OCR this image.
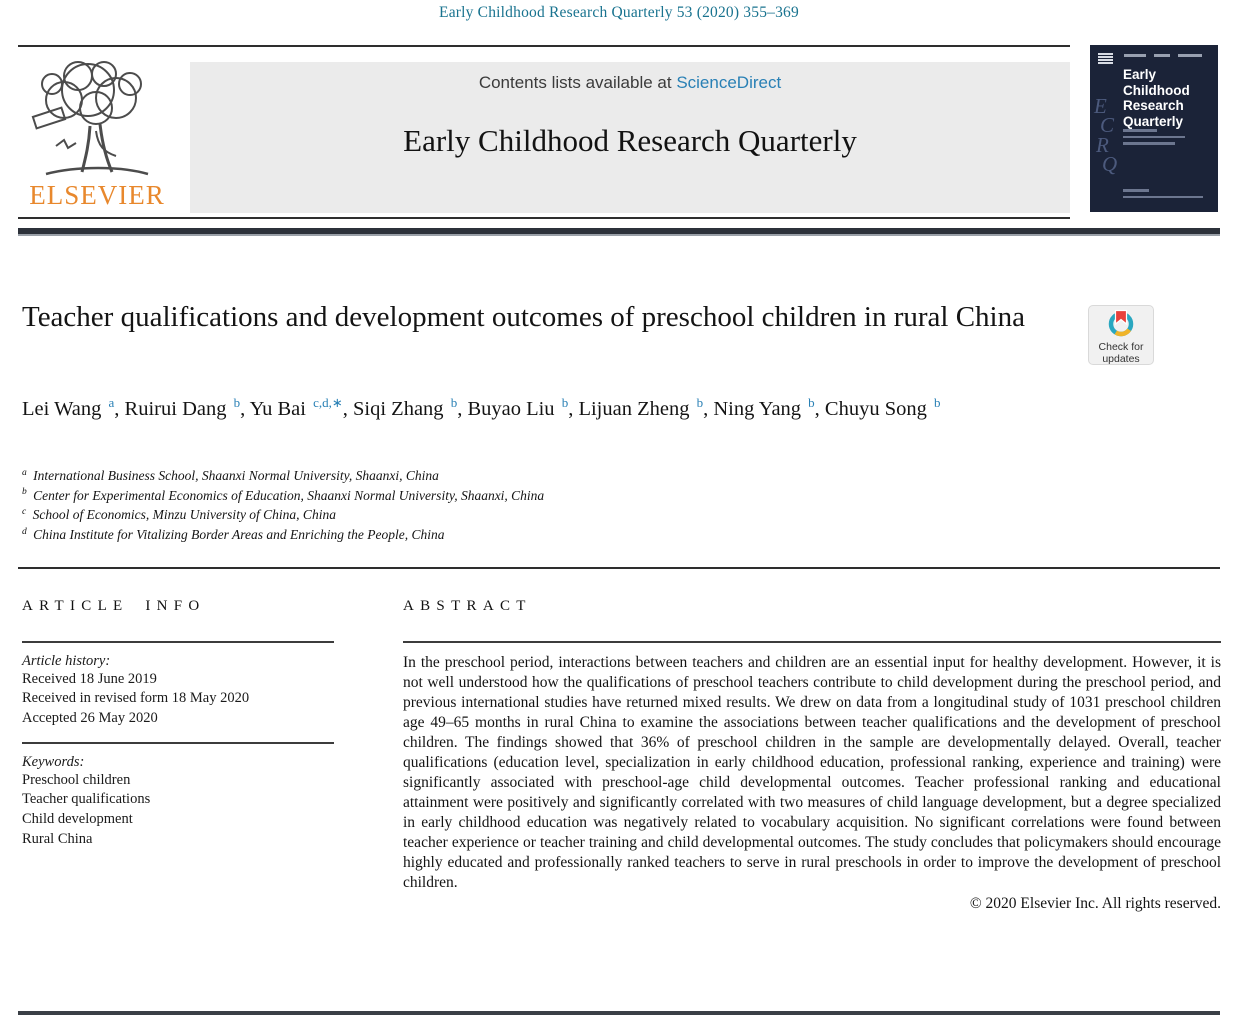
Early Childhood Research Quarterly 53 (2020) 355–369
ELSEVIER
Contents lists available at ScienceDirect
Early Childhood Research Quarterly
Early
Childhood
Research
Quarterly
E
C
R
Q
Teacher qualifications and development outcomes of preschool children in rural China
Check for
updates
Lei Wang $^a$, Ruirui Dang $^b$, Yu Bai $^{c,d,∗}$, Siqi Zhang $^b$, Buyao Liu $^b$, Lijuan Zheng $^b$, Ning Yang $^b$, Chuyu Song $^b$
$^a$ International Business School, Shaanxi Normal University, Shaanxi, China
$^b$ Center for Experimental Economics of Education, Shaanxi Normal University, Shaanxi, China
$^c$ School of Economics, Minzu University of China, China
$^d$ China Institute for Vitalizing Border Areas and Enriching the People, China
ARTICLE INFO
Article history:
Received 18 June 2019
Received in revised form 18 May 2020
Accepted 26 May 2020
Keywords:
Preschool children
Teacher qualifications
Child development
Rural China
ABSTRACT
In the preschool period, interactions between teachers and children are an essential input for healthy development. However, it is not well understood how the qualifications of preschool teachers contribute to child development during the preschool period, and previous international studies have returned mixed results. We drew on data from a longitudinal study of 1031 preschool children age 49–65 months in rural China to examine the associations between teacher qualifications and the development of preschool children. The findings showed that 36% of preschool children in the sample are developmentally delayed. Overall, teacher qualifications (education level, specialization in early childhood education, professional ranking, experience and training) were significantly associated with preschool-age child developmental outcomes. Teacher professional ranking and educational attainment were positively and significantly correlated with two measures of child language development, but a degree specialized in early childhood education was negatively related to vocabulary acquisition. No significant correlations were found between teacher experience or teacher training and child developmental outcomes. The study concludes that policymakers should encourage highly educated and professionally ranked teachers to serve in rural preschools in order to improve the development of preschool children.
© 2020 Elsevier Inc. All rights reserved.
